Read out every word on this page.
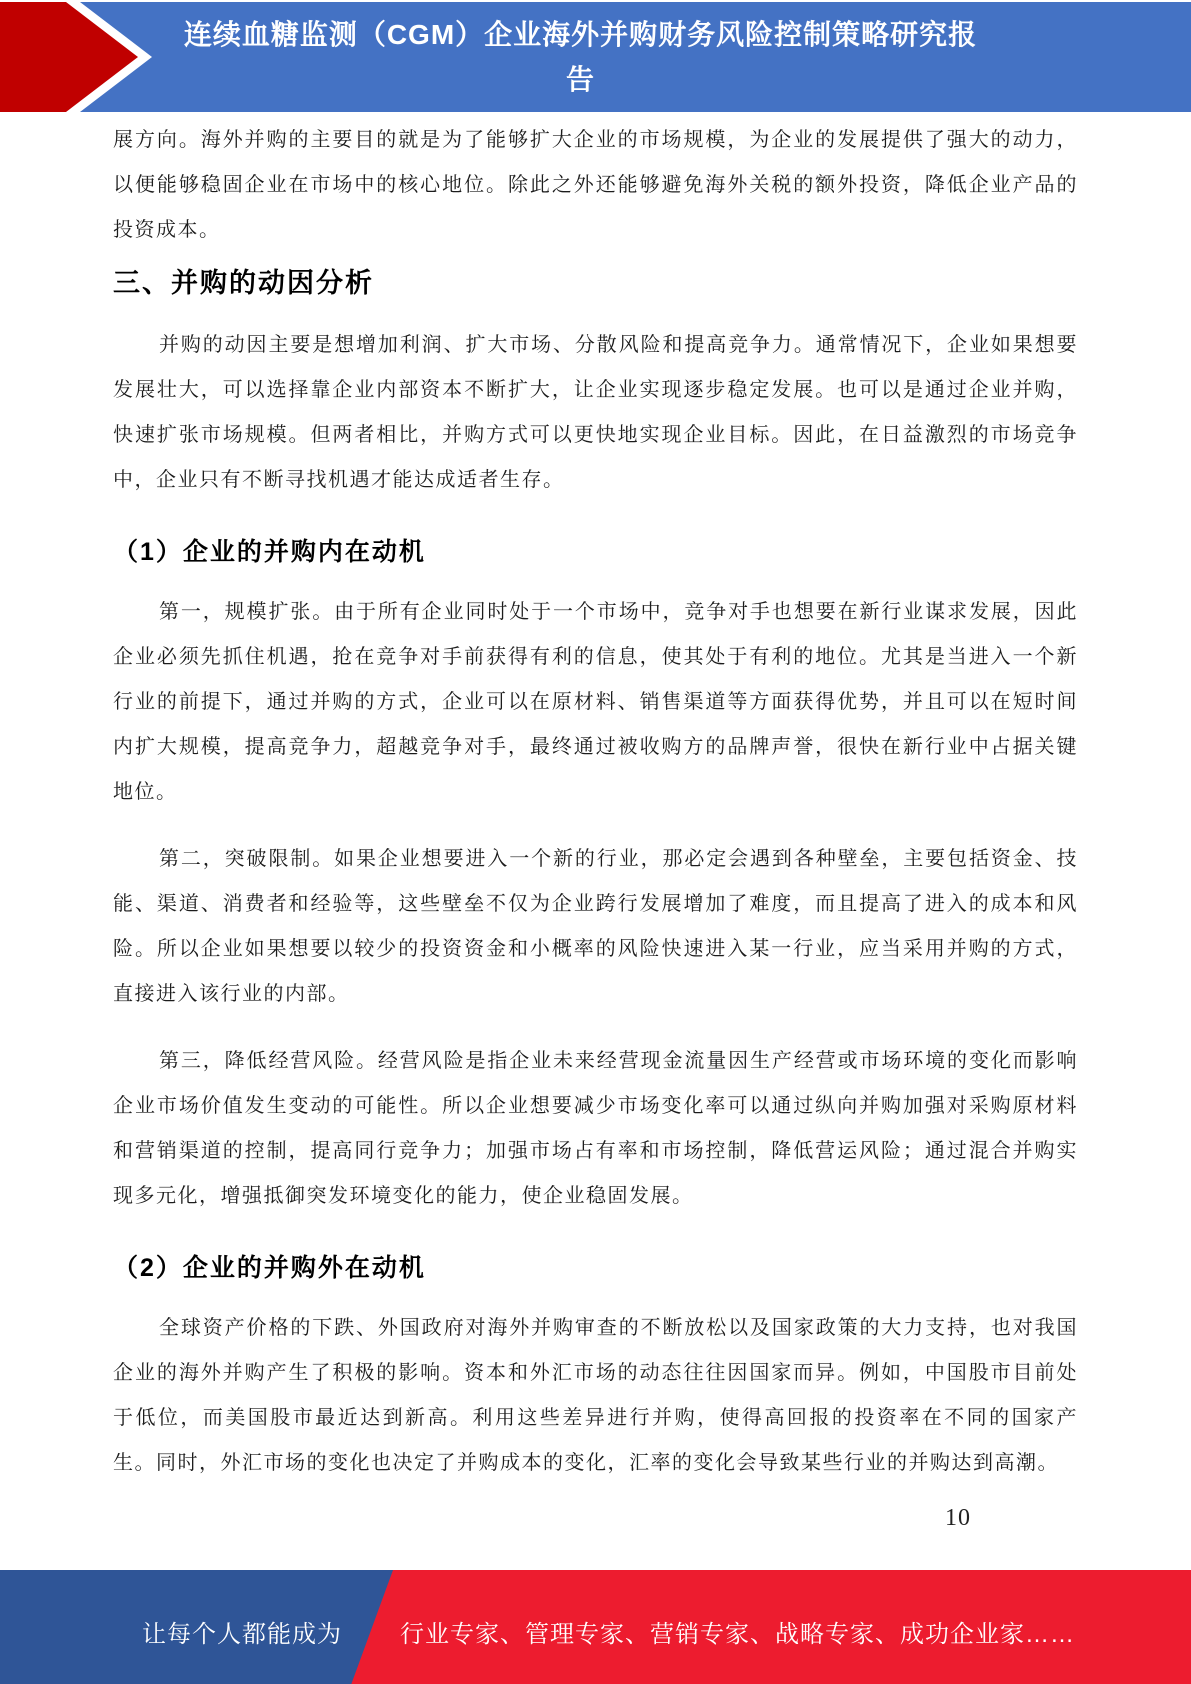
连续血糖监测（CGM）企业海外并购财务风险控制策略研究报
告

展方向。海外并购的主要目的就是为了能够扩大企业的市场规模，为企业的发展提供了强大的动力，以便能够稳固企业在市场中的核心地位。除此之外还能够避免海外关税的额外投资，降低企业产品的投资成本。

三、并购的动因分析

并购的动因主要是想增加利润、扩大市场、分散风险和提高竞争力。通常情况下，企业如果想要发展壮大，可以选择靠企业内部资本不断扩大，让企业实现逐步稳定发展。也可以是通过企业并购，快速扩张市场规模。但两者相比，并购方式可以更快地实现企业目标。因此，在日益激烈的市场竞争中，企业只有不断寻找机遇才能达成适者生存。

（1）企业的并购内在动机

第一，规模扩张。由于所有企业同时处于一个市场中，竞争对手也想要在新行业谋求发展，因此企业必须先抓住机遇，抢在竞争对手前获得有利的信息，使其处于有利的地位。尤其是当进入一个新行业的前提下，通过并购的方式，企业可以在原材料、销售渠道等方面获得优势，并且可以在短时间内扩大规模，提高竞争力，超越竞争对手，最终通过被收购方的品牌声誉，很快在新行业中占据关键地位。

第二，突破限制。如果企业想要进入一个新的行业，那必定会遇到各种壁垒，主要包括资金、技能、渠道、消费者和经验等，这些壁垒不仅为企业跨行发展增加了难度，而且提高了进入的成本和风险。所以企业如果想要以较少的投资资金和小概率的风险快速进入某一行业，应当采用并购的方式，直接进入该行业的内部。

第三，降低经营风险。经营风险是指企业未来经营现金流量因生产经营或市场环境的变化而影响企业市场价值发生变动的可能性。所以企业想要减少市场变化率可以通过纵向并购加强对采购原材料和营销渠道的控制，提高同行竞争力；加强市场占有率和市场控制，降低营运风险；通过混合并购实现多元化，增强抵御突发环境变化的能力，使企业稳固发展。

（2）企业的并购外在动机

全球资产价格的下跌、外国政府对海外并购审查的不断放松以及国家政策的大力支持，也对我国企业的海外并购产生了积极的影响。资本和外汇市场的动态往往因国家而异。例如，中国股市目前处于低位，而美国股市最近达到新高。利用这些差异进行并购，使得高回报的投资率在不同的国家产生。同时，外汇市场的变化也决定了并购成本的变化，汇率的变化会导致某些行业的并购达到高潮。

10
让每个人都能成为 行业专家、管理专家、营销专家、战略专家、成功企业家……
